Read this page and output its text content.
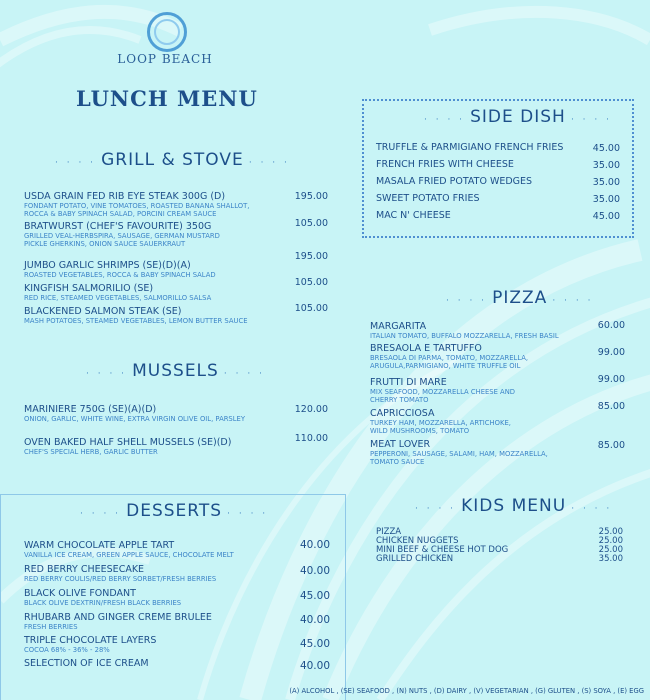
LOOP BEACH
LUNCH MENU
· · · · GRILL & STOVE · · · ·
USDA GRAIN FED RIB EYE STEAK 300G (D)
FONDANT POTATO, VINE TOMATOES, ROASTED BANANA SHALLOT,
ROCCA & BABY SPINACH SALAD, PORCINI CREAM SAUCE
195.00
BRATWURST (CHEF'S FAVOURITE) 350G
GRILLED VEAL-HERBSPIRA, SAUSAGE, GERMAN MUSTARD
PICKLE GHERKINS, ONION SAUCE SAUERKRAUT
105.00
JUMBO GARLIC SHRIMPS (SE)(D)(A)
ROASTED VEGETABLES, ROCCA & BABY SPINACH SALAD
195.00
KINGFISH SALMORILIO (SE)
RED RICE, STEAMED VEGETABLES, SALMORILLO SALSA
105.00
BLACKENED SALMON STEAK (SE)
MASH POTATOES, STEAMED VEGETABLES, LEMON BUTTER SAUCE
105.00
· · · · MUSSELS · · · ·
MARINIERE 750G (SE)(A)(D)
ONION, GARLIC, WHITE WINE, EXTRA VIRGIN OLIVE OIL, PARSLEY
120.00
OVEN BAKED HALF SHELL MUSSELS (SE)(D)
CHEF'S SPECIAL HERB, GARLIC BUTTER
110.00
· · · · DESSERTS · · · ·
WARM CHOCOLATE APPLE TART
VANILLA ICE CREAM, GREEN APPLE SAUCE, CHOCOLATE MELT
40.00
RED BERRY CHEESECAKE
RED BERRY COULIS/RED BERRY SORBET/FRESH BERRIES
40.00
BLACK OLIVE FONDANT
BLACK OLIVE DEXTRIN/FRESH BLACK BERRIES
45.00
RHUBARB AND GINGER CREME BRULEE
FRESH BERRIES
40.00
TRIPLE CHOCOLATE LAYERS
COCOA 68% - 36% - 28%	45.00
SELECTION OF ICE CREAM	40.00
· · · · SIDE DISH · · · ·
TRUFFLE & PARMIGIANO FRENCH FRIES	45.00
FRENCH FRIES WITH CHEESE	35.00
MASALA FRIED POTATO WEDGES	35.00
SWEET POTATO FRIES	35.00
MAC N' CHEESE	45.00
· · · · PIZZA · · · ·
MARGARITA
ITALIAN TOMATO, BUFFALO MOZZARELLA, FRESH BASIL
60.00
BRESAOLA E TARTUFFO
BRESAOLA DI PARMA, TOMATO, MOZZARELLA,
ARUGULA,PARMIGIANO, WHITE TRUFFLE OIL
99.00
FRUTTI DI MARE
MIX SEAFOOD, MOZZARELLA CHEESE AND
CHERRY TOMATO
99.00
CAPRICCIOSA
TURKEY HAM, MOZZARELLA, ARTICHOKE,
WILD MUSHROOMS, TOMATO
85.00
MEAT LOVER
PEPPERONI, SAUSAGE, SALAMI, HAM, MOZZARELLA,
TOMATO SAUCE
85.00
· · · · KIDS MENU · · · ·
PIZZA	25.00
CHICKEN NUGGETS	25.00
MINI BEEF & CHEESE HOT DOG	25.00
GRILLED CHICKEN	35.00
(A) ALCOHOL , (SE) SEAFOOD , (N) NUTS , (D) DAIRY , (V) VEGETARIAN , (G) GLUTEN , (S) SOYA , (E) EGG
